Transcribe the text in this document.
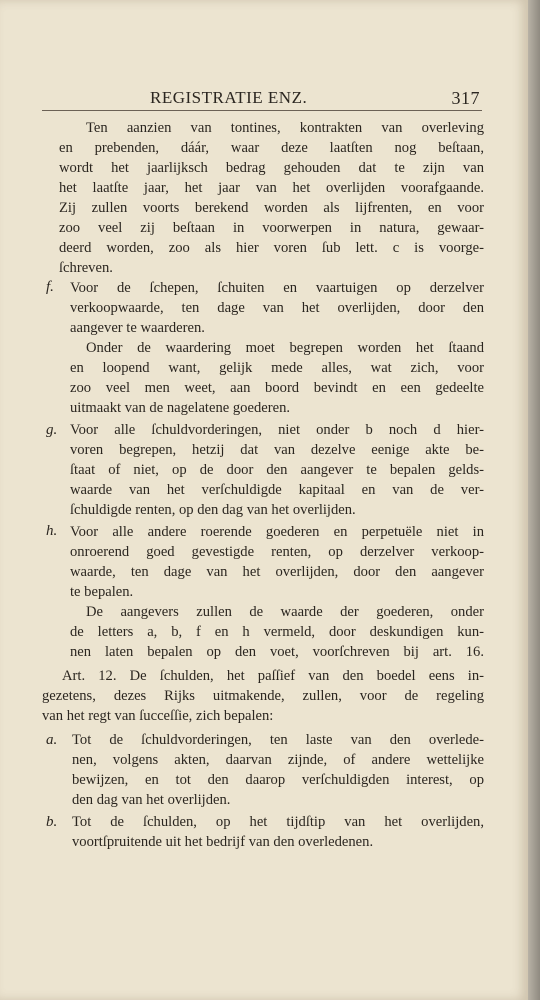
REGISTRATIE ENZ.	317
Ten aanzien van tontines, kontrakten van overleving
en prebenden, dáár, waar deze laatſten nog beſtaan,
wordt het jaarlijksch bedrag gehouden dat te zijn van
het laatſte jaar, het jaar van het overlijden voorafgaande.
Zij zullen voorts berekend worden als lijfrenten, en voor
zoo veel zij beſtaan in voorwerpen in natura, gewaar-
deerd worden, zoo als hier voren ſub lett. c is voorge-
ſchreven.
f. Voor de ſchepen, ſchuiten en vaartuigen op derzelver
verkoopwaarde, ten dage van het overlijden, door den
aangever te waarderen.
Onder de waardering moet begrepen worden het ſtaand
en loopend want, gelijk mede alles, wat zich, voor
zoo veel men weet, aan boord bevindt en een gedeelte
uitmaakt van de nagelatene goederen.
g. Voor alle ſchuldvorderingen, niet onder b noch d hier-
voren begrepen, hetzij dat van dezelve eenige akte be-
ſtaat of niet, op de door den aangever te bepalen gelds-
waarde van het verſchuldigde kapitaal en van de ver-
ſchuldigde renten, op den dag van het overlijden.
h. Voor alle andere roerende goederen en perpetuële niet in
onroerend goed gevestigde renten, op derzelver verkoop-
waarde, ten dage van het overlijden, door den aangever
te bepalen.
De aangevers zullen de waarde der goederen, onder
de letters a, b, f en h vermeld, door deskundigen kun-
nen laten bepalen op den voet, voorſchreven bij art. 16.
Art. 12. De ſchulden, het paſſief van den boedel eens in-
gezetens, dezes Rijks uitmakende, zullen, voor de regeling
van het regt van ſucceſſie, zich bepalen:
a. Tot de ſchuldvorderingen, ten laste van den overlede-
nen, volgens akten, daarvan zijnde, of andere wettelijke
bewijzen, en tot den daarop verſchuldigden interest, op
den dag van het overlijden.
b. Tot de ſchulden, op het tijdſtip van het overlijden,
voortſpruitende uit het bedrijf van den overledenen.
